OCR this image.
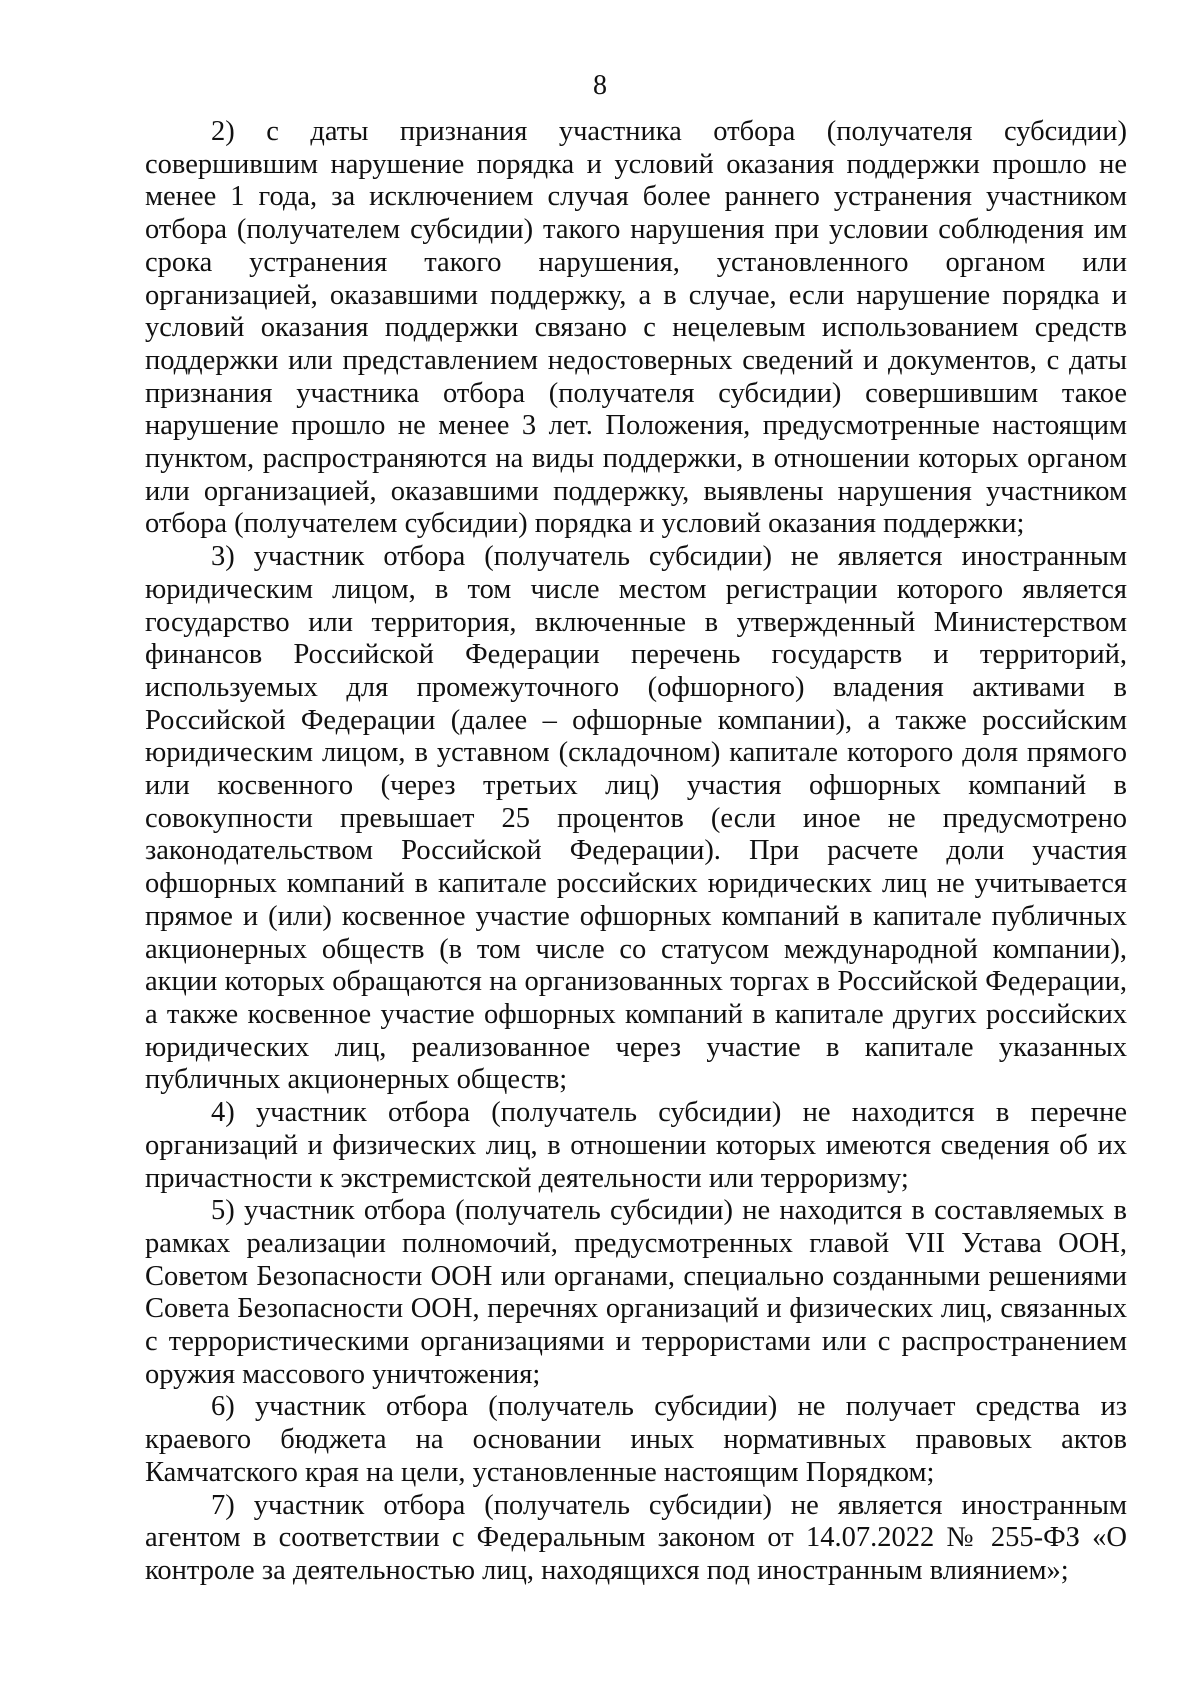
8

2) с даты признания участника отбора (получателя субсидии) совершившим нарушение порядка и условий оказания поддержки прошло не менее 1 года, за исключением случая более раннего устранения участником отбора (получателем субсидии) такого нарушения при условии соблюдения им срока устранения такого нарушения, установленного органом или организацией, оказавшими поддержку, а в случае, если нарушение порядка и условий оказания поддержки связано с нецелевым использованием средств поддержки или представлением недостоверных сведений и документов, с даты признания участника отбора (получателя субсидии) совершившим такое нарушение прошло не менее 3 лет. Положения, предусмотренные настоящим пунктом, распространяются на виды поддержки, в отношении которых органом или организацией, оказавшими поддержку, выявлены нарушения участником отбора (получателем субсидии) порядка и условий оказания поддержки;

3) участник отбора (получатель субсидии) не является иностранным юридическим лицом, в том числе местом регистрации которого является государство или территория, включенные в утвержденный Министерством финансов Российской Федерации перечень государств и территорий, используемых для промежуточного (офшорного) владения активами в Российской Федерации (далее – офшорные компании), а также российским юридическим лицом, в уставном (складочном) капитале которого доля прямого или косвенного (через третьих лиц) участия офшорных компаний в совокупности превышает 25 процентов (если иное не предусмотрено законодательством Российской Федерации). При расчете доли участия офшорных компаний в капитале российских юридических лиц не учитывается прямое и (или) косвенное участие офшорных компаний в капитале публичных акционерных обществ (в том числе со статусом международной компании), акции которых обращаются на организованных торгах в Российской Федерации, а также косвенное участие офшорных компаний в капитале других российских юридических лиц, реализованное через участие в капитале указанных публичных акционерных обществ;

4) участник отбора (получатель субсидии) не находится в перечне организаций и физических лиц, в отношении которых имеются сведения об их причастности к экстремистской деятельности или терроризму;

5) участник отбора (получатель субсидии) не находится в составляемых в рамках реализации полномочий, предусмотренных главой VII Устава ООН, Советом Безопасности ООН или органами, специально созданными решениями Совета Безопасности ООН, перечнях организаций и физических лиц, связанных с террористическими организациями и террористами или с распространением оружия массового уничтожения;

6) участник отбора (получатель субсидии) не получает средства из краевого бюджета на основании иных нормативных правовых актов Камчатского края на цели, установленные настоящим Порядком;

7) участник отбора (получатель субсидии) не является иностранным агентом в соответствии с Федеральным законом от 14.07.2022 № 255-ФЗ «О контроле за деятельностью лиц, находящихся под иностранным влиянием»;
